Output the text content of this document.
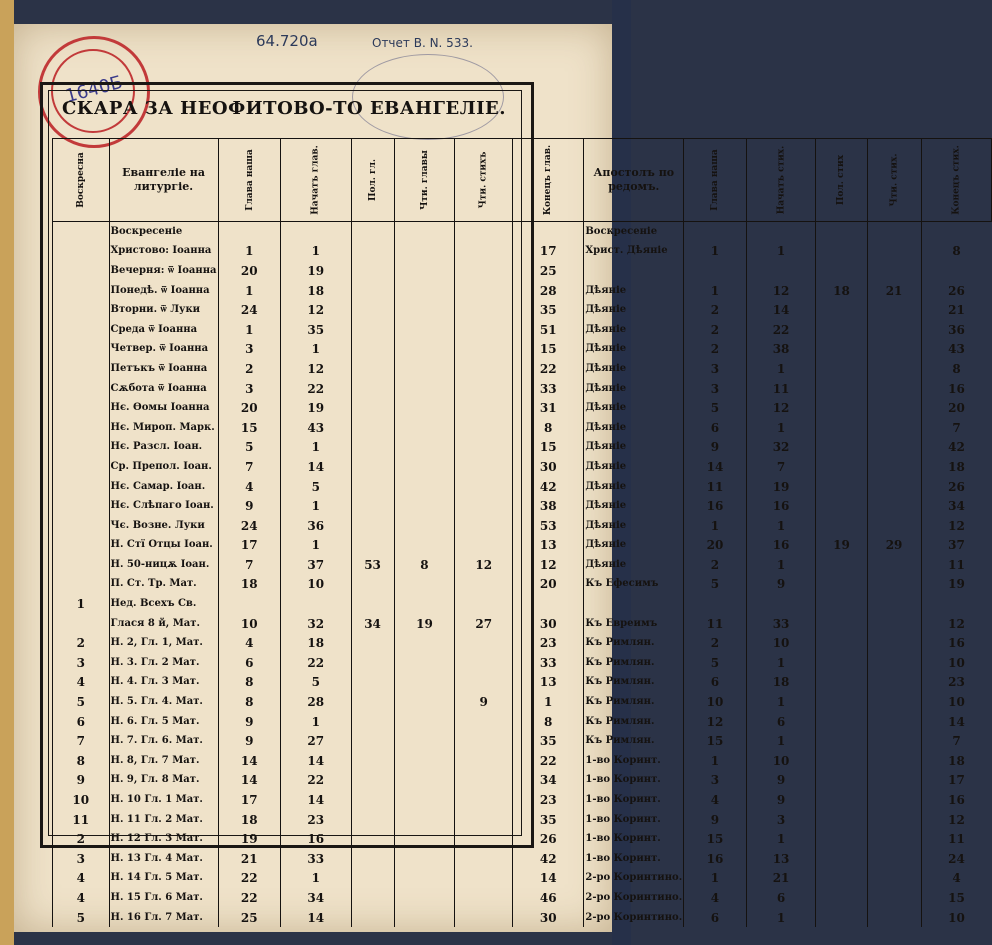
64.720а	Отчет В. N. 533.
1640Б
СКАРА ЗА НЕОФИТОВО-ТО ЕВАНГЕЛІЕ.
Воскресна	Евангеліе на литургіе.	Глава наша	Начатъ глав.	Пол. гл.	Чти. главы	Чти. стихъ	Конецъ глав.	Апостолъ по редомъ.	Глава наша	Начатъ стих.	Пол. стих	Чти. стих.	Конецъ стих.
	Воскресеніе							Воскресеніе					
	Христово: Іоанна	1	1				17	Христ. Дѣяніе	1	1			8
	Вечерня: ѿ Іоанна	20	19				25						
	Понедѣ. ѿ Іоанна	1	18				28	Дѣяніе	1	12	18	21	26
	Вторни. ѿ Луки	24	12				35	Дѣяніе	2	14			21
	Среда ѿ Іоанна	1	35				51	Дѣяніе	2	22			36
	Четвер. ѿ Іоанна	3	1				15	Дѣяніе	2	38			43
	Петъкъ ѿ Іоанна	2	12				22	Дѣяніе	3	1			8
	Сѫбота ѿ Іоанна	3	22				33	Дѣяніе	3	11			16
	Нє. Ѳомы Іоанна	20	19				31	Дѣяніе	5	12			20
	Нє. Мироп. Марк.	15	43				8	Дѣяніе	6	1			7
	Нє. Разсл. Іоан.	5	1				15	Дѣяніе	9	32			42
	Ср. Препол. Іоан.	7	14				30	Дѣяніе	14	7			18
	Нє. Самар. Іоан.	4	5				42	Дѣяніе	11	19			26
	Нє. Слѣпаго Іоан.	9	1				38	Дѣяніе	16	16			34
	Чє. Возне. Луки	24	36				53	Дѣяніе	1	1			12
	Н. Стї Отцы Іоан.	17	1				13	Дѣяніе	20	16	19	29	37
	Н. 50-ницѫ Іоан.	7	37	53	8	12	12	Дѣяніе	2	1			11
	П. Ст. Тр. Мат.	18	10				20	Къ Ефесимъ	5	9			19
1	Нед. Всехъ Св.												
	Глася 8 й, Мат.	10	32	34	19	27	30	Къ Евреимъ	11	33			12
2	Н. 2, Гл. 1, Мат.	4	18				23	Къ Римлян.	2	10			16
3	Н. 3. Гл. 2 Мат.	6	22				33	Къ Римлян.	5	1			10
4	Н. 4. Гл. 3 Мат.	8	5				13	Къ Римлян.	6	18			23
5	Н. 5. Гл. 4. Мат.	8	28			9	1	Къ Римлян.	10	1			10
6	Н. 6. Гл. 5 Мат.	9	1				8	Къ Римлян.	12	6			14
7	Н. 7. Гл. 6. Мат.	9	27				35	Къ Римлян.	15	1			7
8	Н. 8, Гл. 7 Мат.	14	14				22	1-во Коринт.	1	10			18
9	Н. 9, Гл. 8 Мат.	14	22				34	1-во Коринт.	3	9			17
10	Н. 10 Гл. 1 Мат.	17	14				23	1-во Коринт.	4	9			16
11	Н. 11 Гл. 2 Мат.	18	23				35	1-во Коринт.	9	3			12
2	Н. 12 Гл. 3 Мат.	19	16				26	1-во Коринт.	15	1			11
3	Н. 13 Гл. 4 Мат.	21	33				42	1-во Коринт.	16	13			24
4	Н. 14 Гл. 5 Мат.	22	1				14	2-ро Коринтино.	1	21			4
4	Н. 15 Гл. 6 Мат.	22	34				46	2-ро Коринтино.	4	6			15
5	Н. 16 Гл. 7 Мат.	25	14				30	2-ро Коринтино.	6	1			10
